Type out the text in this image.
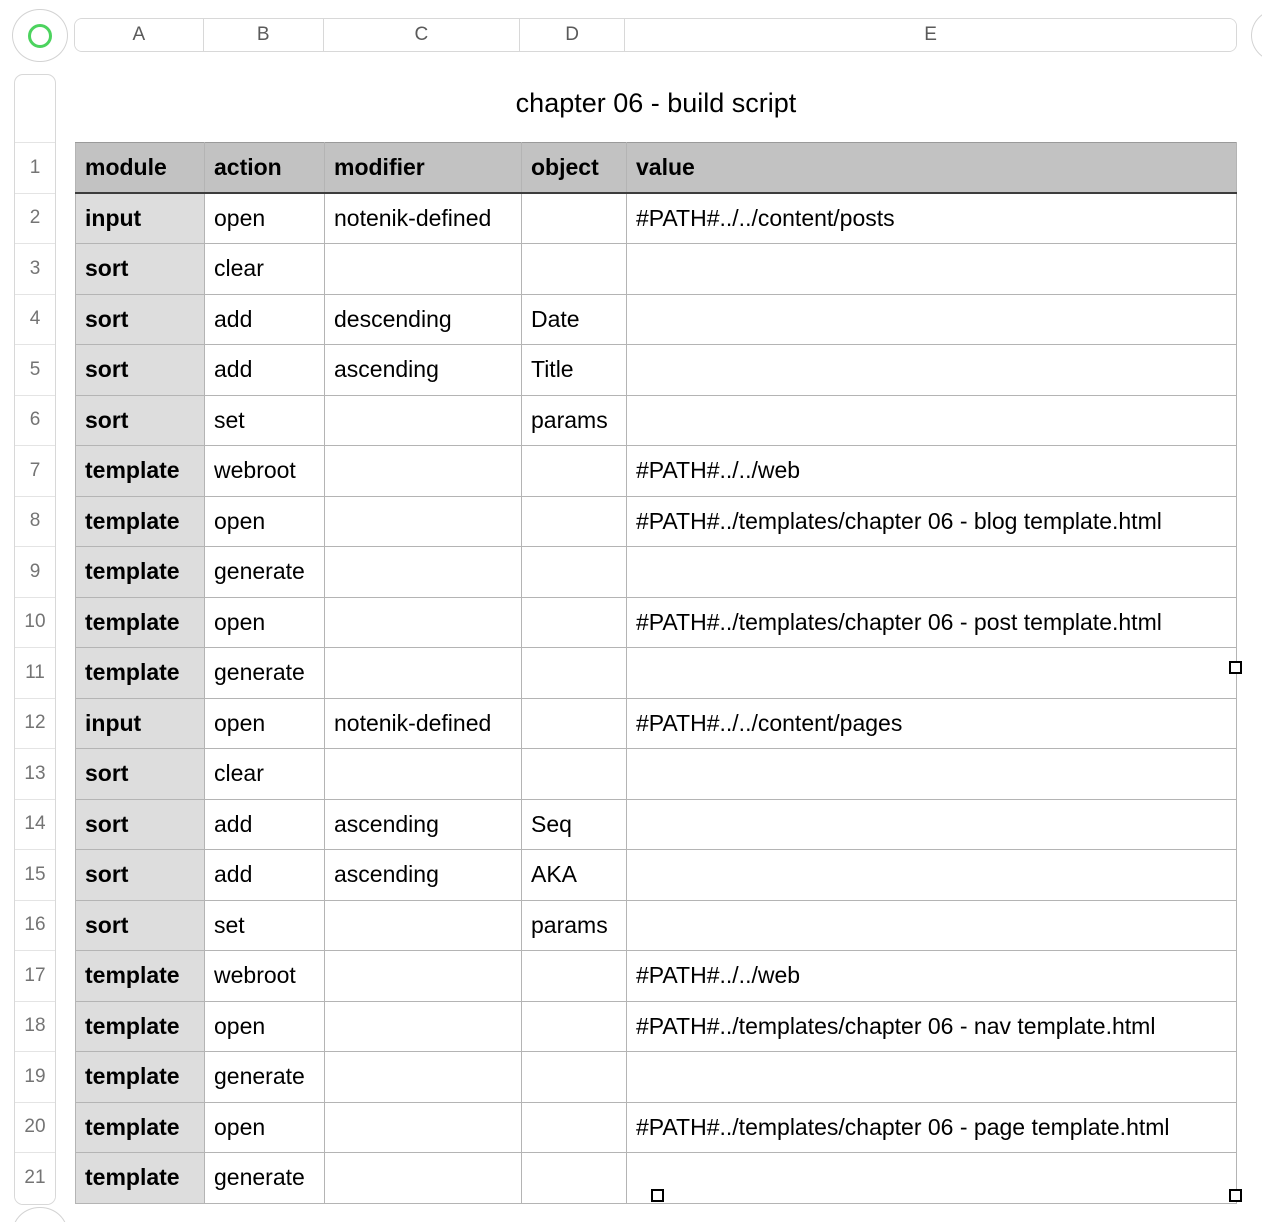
A	B	C	D	E
1
2
3
4
5
6
7
8
9
10
11
12
13
14
15
16
17
18
19
20
21
chapter 06 - build script
module	action	modifier	object	value
input	open	notenik-defined		#PATH#../../content/posts
sort	clear			
sort	add	descending	Date	
sort	add	ascending	Title	
sort	set		params	
template	webroot			#PATH#../../web
template	open			#PATH#../templates/chapter 06 - blog template.html
template	generate			
template	open			#PATH#../templates/chapter 06 - post template.html
template	generate			
input	open	notenik-defined		#PATH#../../content/pages
sort	clear			
sort	add	ascending	Seq	
sort	add	ascending	AKA	
sort	set		params	
template	webroot			#PATH#../../web
template	open			#PATH#../templates/chapter 06 - nav template.html
template	generate			
template	open			#PATH#../templates/chapter 06 - page template.html
template	generate			
